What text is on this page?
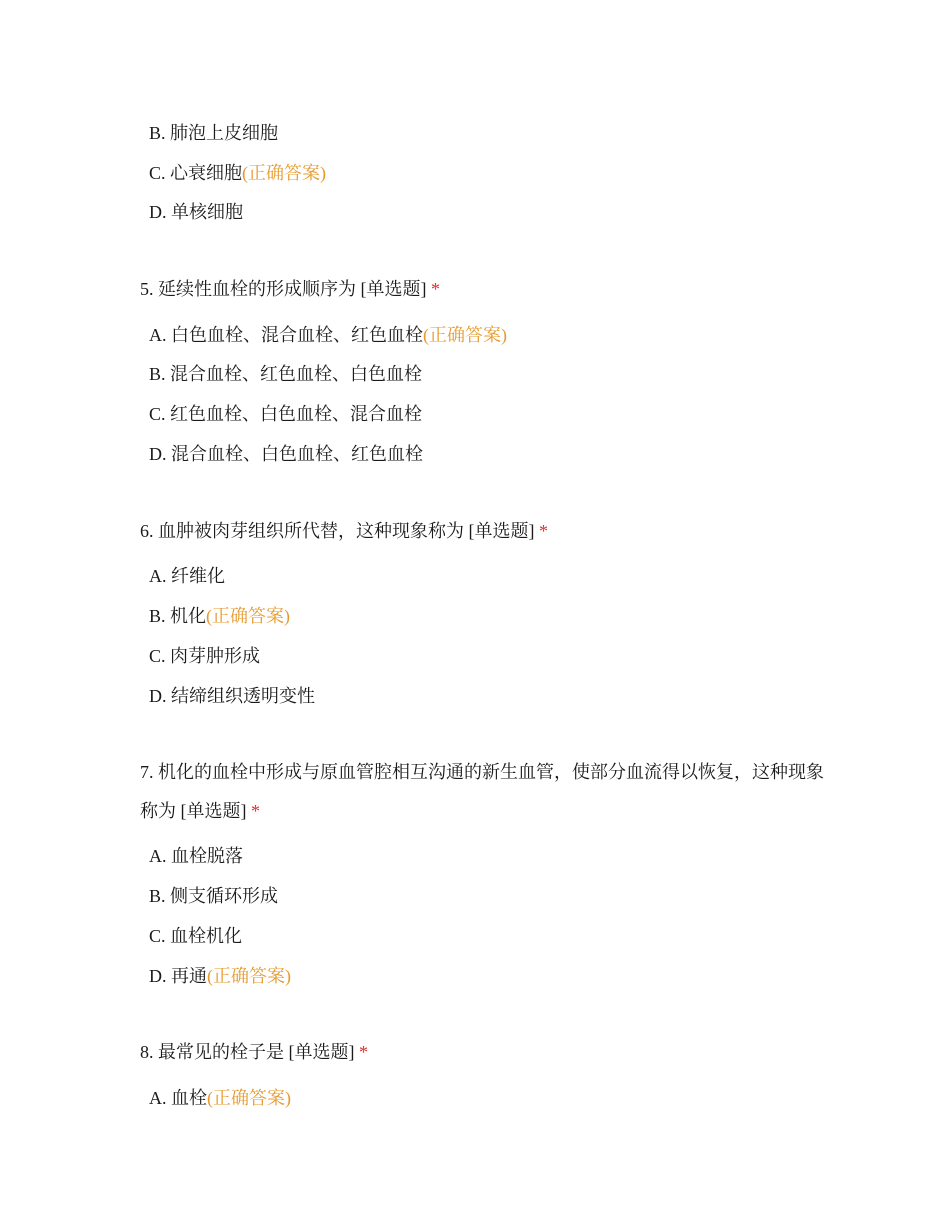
B. 肺泡上皮细胞
C. 心衰细胞(正确答案)
D. 单核细胞
5. 延续性血栓的形成顺序为 [单选题] *
A. 白色血栓、混合血栓、红色血栓(正确答案)
B. 混合血栓、红色血栓、白色血栓
C. 红色血栓、白色血栓、混合血栓
D. 混合血栓、白色血栓、红色血栓
6. 血肿被肉芽组织所代替，这种现象称为 [单选题] *
A. 纤维化
B. 机化(正确答案)
C. 肉芽肿形成
D. 结缔组织透明变性
7. 机化的血栓中形成与原血管腔相互沟通的新生血管，使部分血流得以恢复，这种现象称为 [单选题] *
A. 血栓脱落
B. 侧支循环形成
C. 血栓机化
D. 再通(正确答案)
8. 最常见的栓子是 [单选题] *
A. 血栓(正确答案)
